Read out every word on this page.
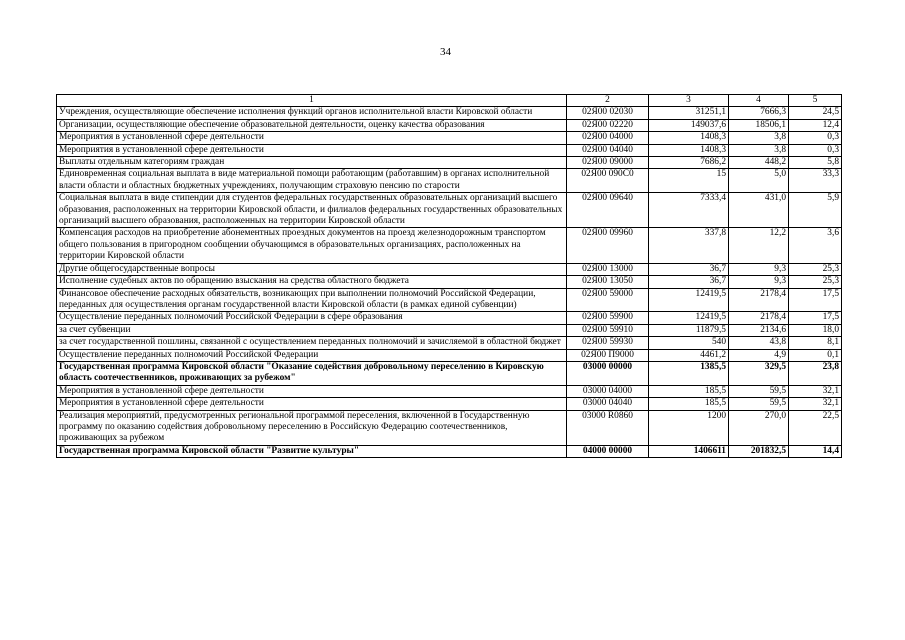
34
1	2	3	4	5
Учреждения, осуществляющие обеспечение исполнения функций органов исполнительной власти Кировской области	02Я00 02030	31251,1	7666,3	24,5
Организации, осуществляющие обеспечение образовательной деятельности, оценку качества образования	02Я00 02220	149037,6	18506,1	12,4
Мероприятия в установленной сфере деятельности	02Я00 04000	1408,3	3,8	0,3
Мероприятия в установленной сфере деятельности	02Я00 04040	1408,3	3,8	0,3
Выплаты отдельным категориям граждан	02Я00 09000	7686,2	448,2	5,8
Единовременная социальная выплата в виде материальной помощи работающим (работавшим) в органах исполнительной власти области и областных бюджетных учреждениях, получающим страховую пенсию по старости	02Я00 090С0	15	5,0	33,3
Социальная выплата в виде стипендии для студентов федеральных государственных образовательных организаций высшего образования, расположенных на территории Кировской области, и филиалов федеральных государственных образовательных организаций высшего образования, расположенных на территории Кировской области	02Я00 09640	7333,4	431,0	5,9
Компенсация расходов на приобретение абонементных проездных документов на проезд железнодорожным транспортом общего пользования в пригородном сообщении обучающимся в образовательных организациях, расположенных на территории Кировской области	02Я00 09960	337,8	12,2	3,6
Другие общегосударственные вопросы	02Я00 13000	36,7	9,3	25,3
Исполнение судебных актов по обращению взыскания на средства областного бюджета	02Я00 13050	36,7	9,3	25,3
Финансовое обеспечение расходных обязательств, возникающих при выполнении полномочий Российской Федерации, переданных для осуществления органам государственной власти Кировской области (в рамках единой субвенции)	02Я00 59000	12419,5	2178,4	17,5
Осуществление переданных полномочий Российской Федерации в сфере образования	02Я00 59900	12419,5	2178,4	17,5
за счет субвенции	02Я00 59910	11879,5	2134,6	18,0
за счет государственной пошлины, связанной с осуществлением переданных полномочий и зачисляемой в областной бюджет	02Я00 59930	540	43,8	8,1
Осуществление переданных полномочий Российской Федерации	02Я00 П9000	4461,2	4,9	0,1
Государственная программа Кировской области "Оказание содействия добровольному переселению в Кировскую область соотечественников, проживающих за рубежом"	03000 00000	1385,5	329,5	23,8
Мероприятия в установленной сфере деятельности	03000 04000	185,5	59,5	32,1
Мероприятия в установленной сфере деятельности	03000 04040	185,5	59,5	32,1
Реализация мероприятий, предусмотренных региональной программой переселения, включенной в Государственную программу по оказанию содействия добровольному переселению в Российскую Федерацию соотечественников, проживающих за рубежом	03000 R0860	1200	270,0	22,5
Государственная программа Кировской области "Развитие культуры"	04000 00000	1406611	201832,5	14,4
